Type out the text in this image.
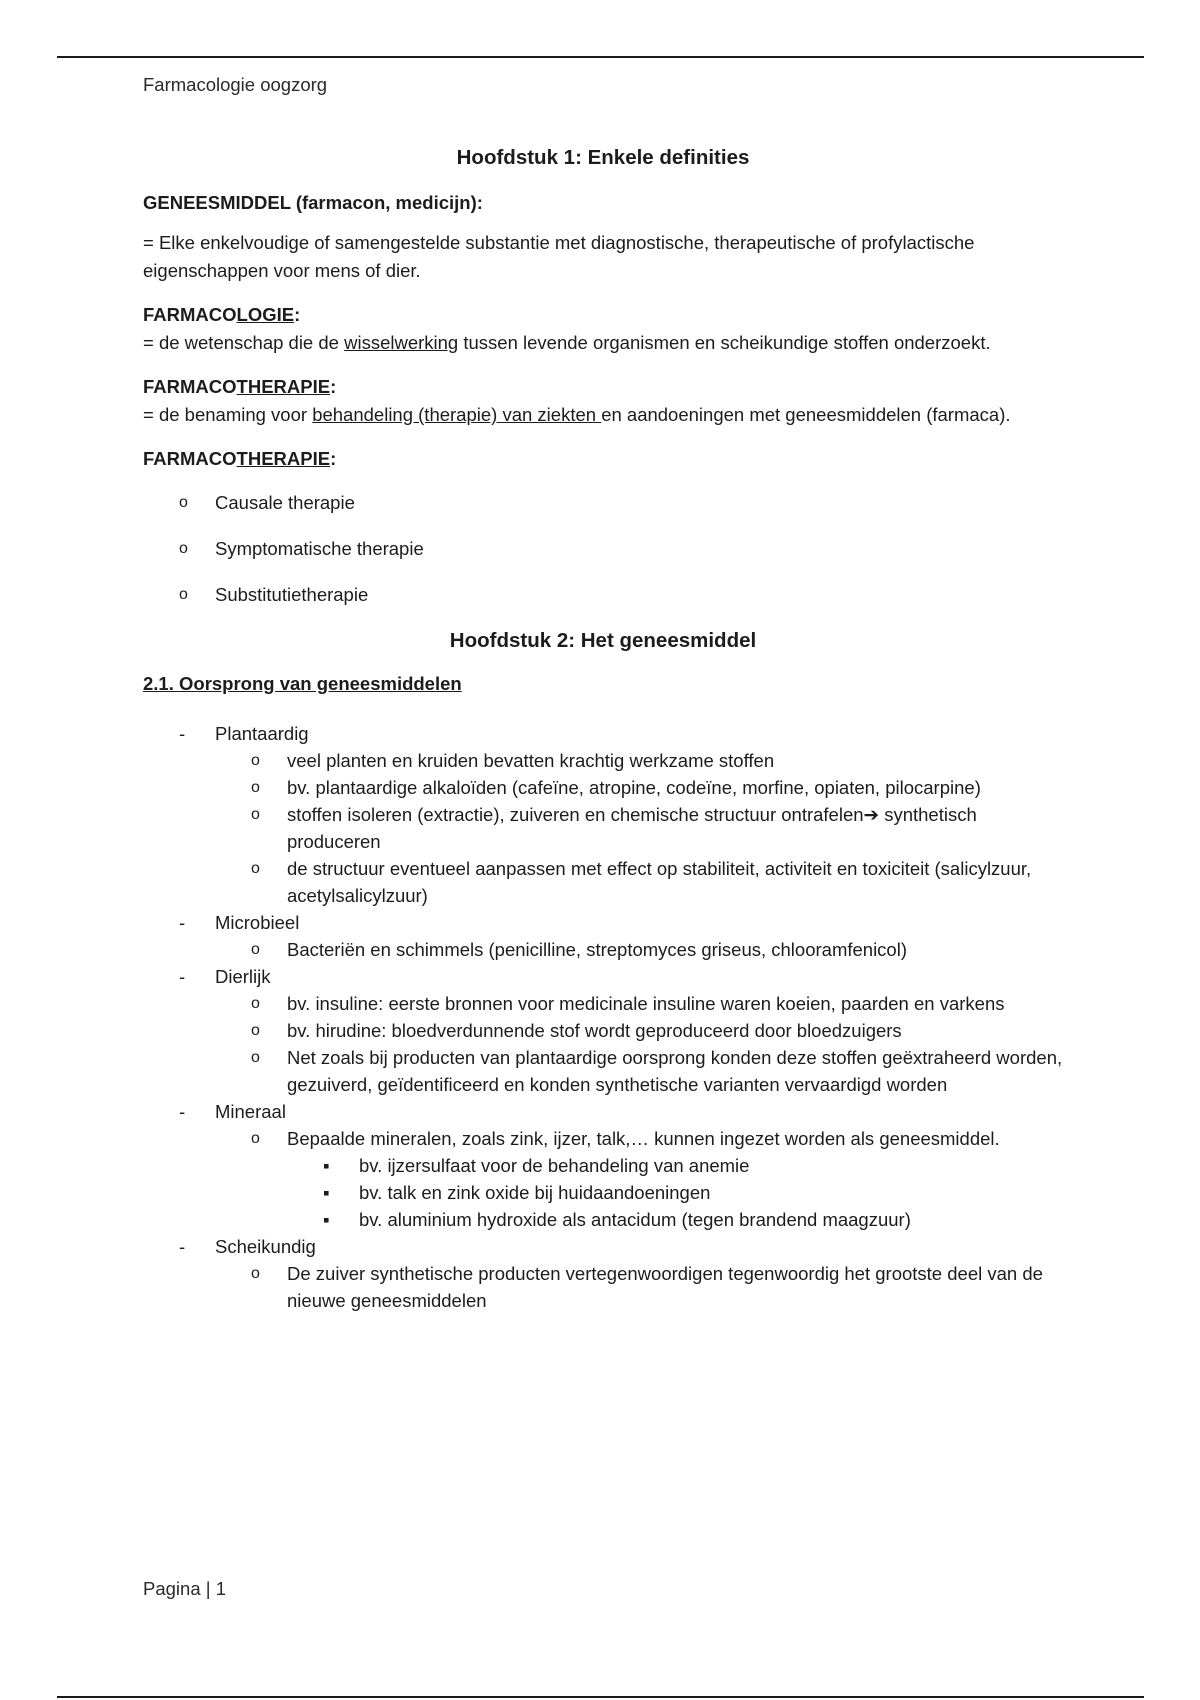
Farmacologie oogzorg
Hoofdstuk 1: Enkele definities

GENEESMIDDEL (farmacon, medicijn):

= Elke enkelvoudige of samengestelde substantie met diagnostische, therapeutische of profylactische eigenschappen voor mens of dier.

FARMACOLOGIE:

= de wetenschap die de wisselwerking tussen levende organismen en scheikundige stoffen onderzoekt.

FARMACOTHERAPIE:

= de benaming voor behandeling (therapie) van ziekten en aandoeningen met geneesmiddelen (farmaca).

FARMACOTHERAPIE:

o Causale therapie
o Symptomatische therapie
o Substitutietherapie
Hoofdstuk 2: Het geneesmiddel

2.1. Oorsprong van geneesmiddelen

- Plantaardig
o veel planten en kruiden bevatten krachtig werkzame stoffen
o bv. plantaardige alkaloïden (cafeïne, atropine, codeïne, morfine, opiaten, pilocarpine)
o stoffen isoleren (extractie), zuiveren en chemische structuur ontrafelen➔ synthetisch produceren
o de structuur eventueel aanpassen met effect op stabiliteit, activiteit en toxiciteit (salicylzuur, acetylsalicylzuur)
- Microbieel
o Bacteriën en schimmels (penicilline, streptomyces griseus, chlooramfenicol)
- Dierlijk
o bv. insuline: eerste bronnen voor medicinale insuline waren koeien, paarden en varkens
o bv. hirudine: bloedverdunnende stof wordt geproduceerd door bloedzuigers
o Net zoals bij producten van plantaardige oorsprong konden deze stoffen geëxtraheerd worden, gezuiverd, geïdentificeerd en konden synthetische varianten vervaardigd worden
- Mineraal
o Bepaalde mineralen, zoals zink, ijzer, talk,… kunnen ingezet worden als geneesmiddel.
▪ bv. ijzersulfaat voor de behandeling van anemie
▪ bv. talk en zink oxide bij huidaandoeningen
▪ bv. aluminium hydroxide als antacidum (tegen brandend maagzuur)
- Scheikundig
o De zuiver synthetische producten vertegenwoordigen tegenwoordig het grootste deel van de nieuwe geneesmiddelen
Pagina | 1
